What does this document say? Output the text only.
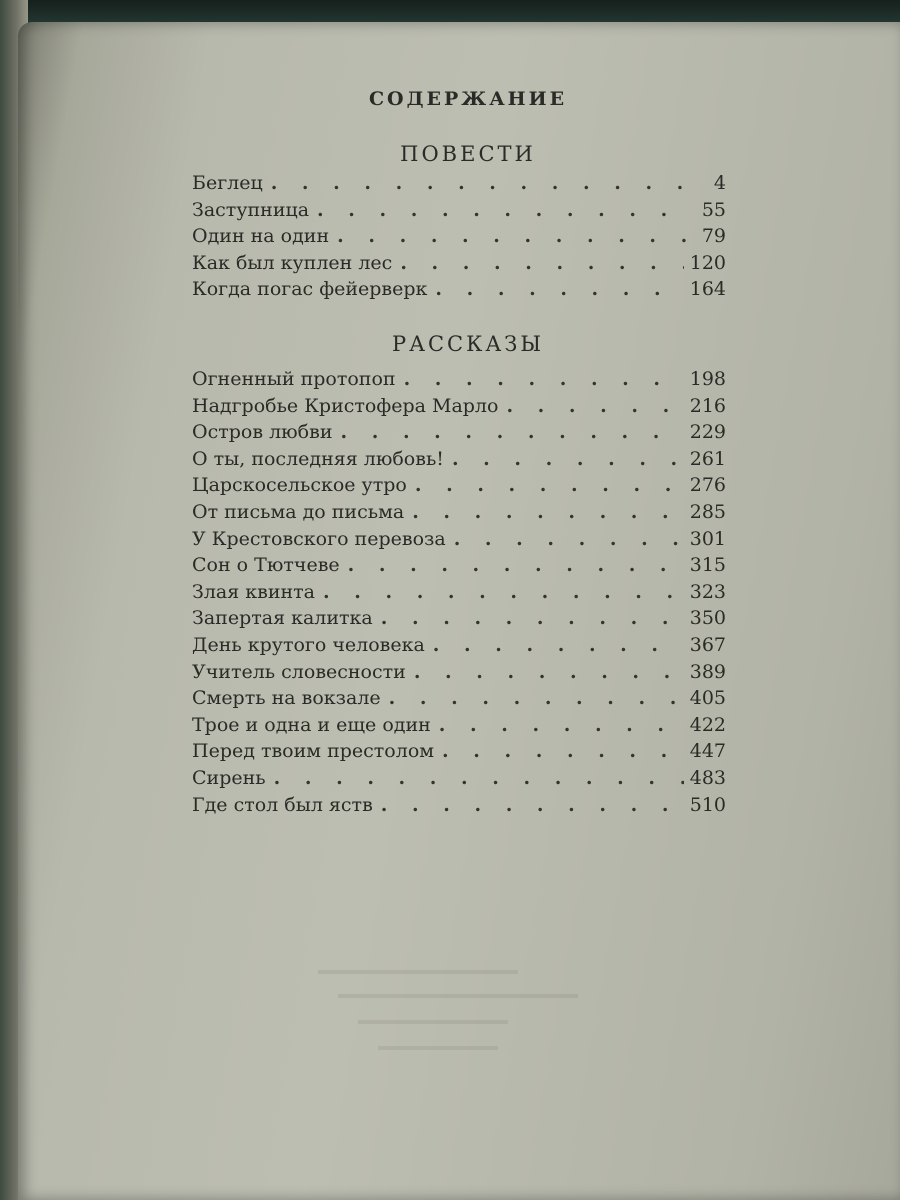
СОДЕРЖАНИЕ
ПОВЕСТИ
Беглец . . .	4
Заступница . . .	55
Один на один . . .	79
Как был куплен лес . . .	120
Когда погас фейерверк . . .	164
РАССКАЗЫ
Огненный протопоп . . .	198
Надгробье Кристофера Марло . . .	216
Остров любви . . .	229
О ты, последняя любовь! . . .	261
Царскосельское утро . . .	276
От письма до письма . . .	285
У Крестовского перевоза . . .	301
Сон о Тютчеве . . .	315
Злая квинта . . .	323
Запертая калитка . . .	350
День крутого человека . . .	367
Учитель словесности . . .	389
Смерть на вокзале . . .	405
Трое и одна и еще один . . .	422
Перед твоим престолом . . .	447
Сирень . . .	483
Где стол был яств . . .	510
